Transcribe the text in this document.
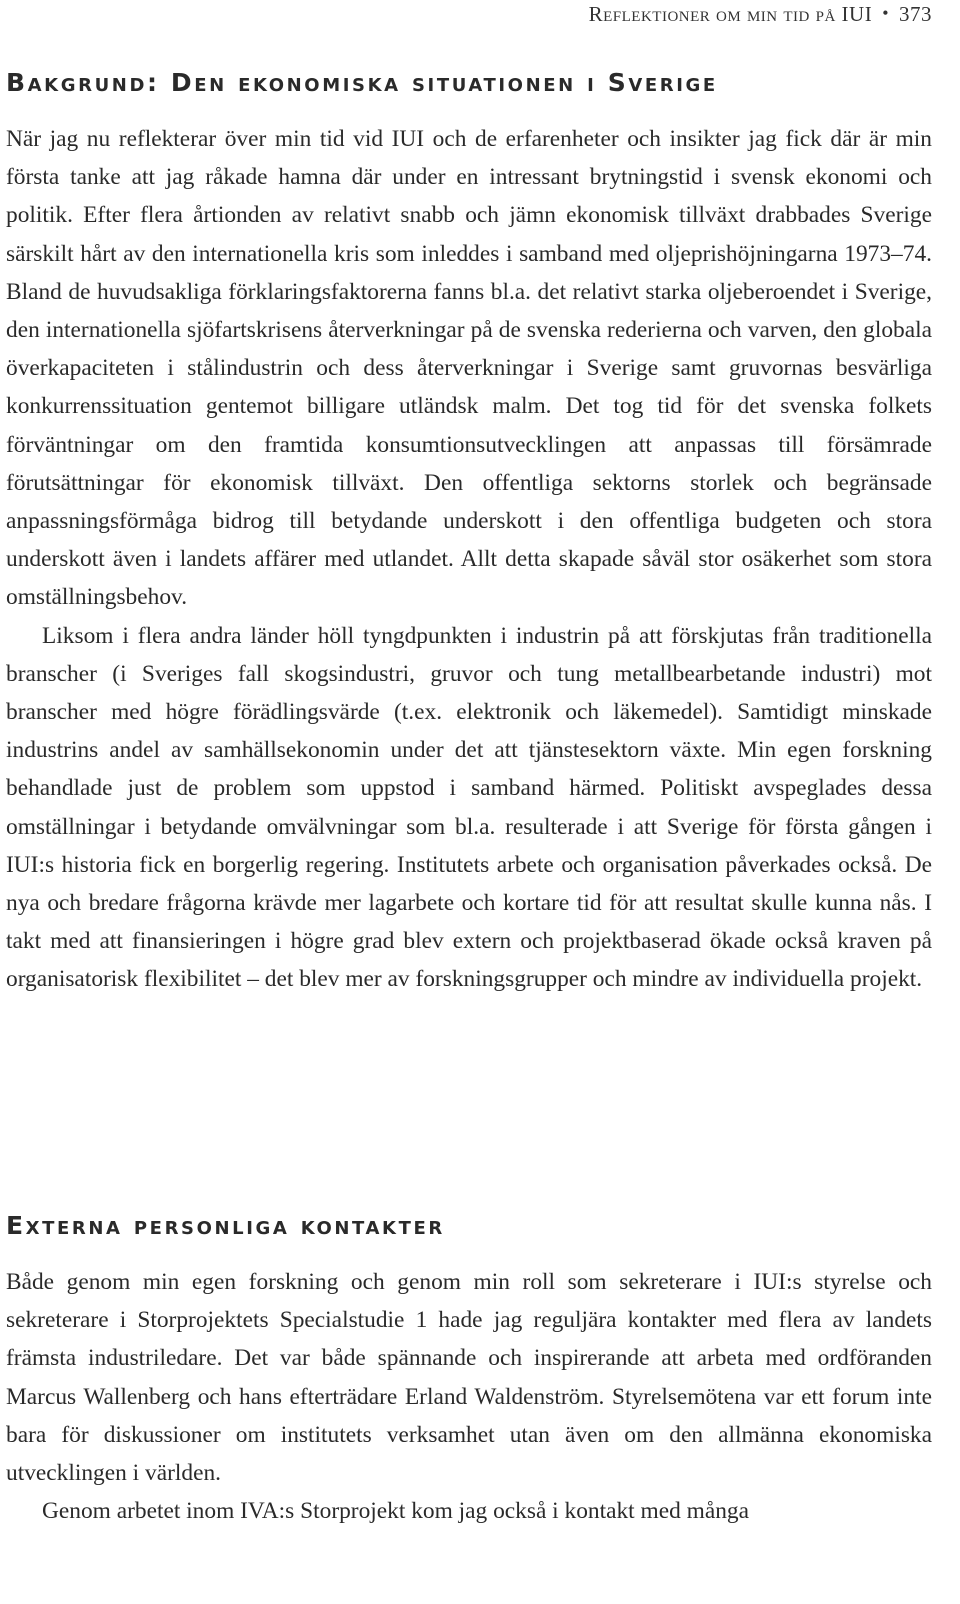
Reflektioner om min tid på IUI • 373
Bakgrund: Den ekonomiska situationen i Sverige

När jag nu reflekterar över min tid vid IUI och de erfarenheter och insikter jag fick där är min första tanke att jag råkade hamna där under en intressant brytningstid i svensk ekonomi och politik. Efter flera årtionden av relativt snabb och jämn ekonomisk tillväxt drabbades Sverige särskilt hårt av den internationella kris som inleddes i samband med oljeprishöjningarna 1973–74. Bland de huvudsakliga förklaringsfaktorerna fanns bl.a. det relativt starka oljeberoendet i Sverige, den internationella sjöfartskrisens återverkningar på de svenska rederierna och varven, den globala överkapaciteten i stålindustrin och dess återverkningar i Sverige samt gruvornas besvärliga konkurrenssituation gentemot billigare utländsk malm. Det tog tid för det svenska folkets förväntningar om den framtida konsumtionsutvecklingen att anpassas till försämrade förutsättningar för ekonomisk tillväxt. Den offentliga sektorns storlek och begränsade anpassningsförmåga bidrog till betydande underskott i den offentliga budgeten och stora underskott även i landets affärer med utlandet. Allt detta skapade såväl stor osäkerhet som stora omställningsbehov.

Liksom i flera andra länder höll tyngdpunkten i industrin på att förskjutas från traditionella branscher (i Sveriges fall skogsindustri, gruvor och tung metallbearbetande industri) mot branscher med högre förädlingsvärde (t.ex. elektronik och läkemedel). Samtidigt minskade industrins andel av samhällsekonomin under det att tjänstesektorn växte. Min egen forskning behandlade just de problem som uppstod i samband härmed. Politiskt avspeglades dessa omställningar i betydande omvälvningar som bl.a. resulterade i att Sverige för första gången i IUI:s historia fick en borgerlig regering. Institutets arbete och organisation påverkades också. De nya och bredare frågorna krävde mer lagarbete och kortare tid för att resultat skulle kunna nås. I takt med att finansieringen i högre grad blev extern och projektbaserad ökade också kraven på organisatorisk flexibilitet – det blev mer av forskningsgrupper och mindre av individuella projekt.

Externa personliga kontakter

Både genom min egen forskning och genom min roll som sekreterare i IUI:s styrelse och sekreterare i Storprojektets Specialstudie 1 hade jag reguljära kontakter med flera av landets främsta industriledare. Det var både spännande och inspirerande att arbeta med ordföranden Marcus Wallenberg och hans efterträdare Erland Waldenström. Styrelsemötena var ett forum inte bara för diskussioner om institutets verksamhet utan även om den allmänna ekonomiska utvecklingen i världen.

Genom arbetet inom IVA:s Storprojekt kom jag också i kontakt med många
